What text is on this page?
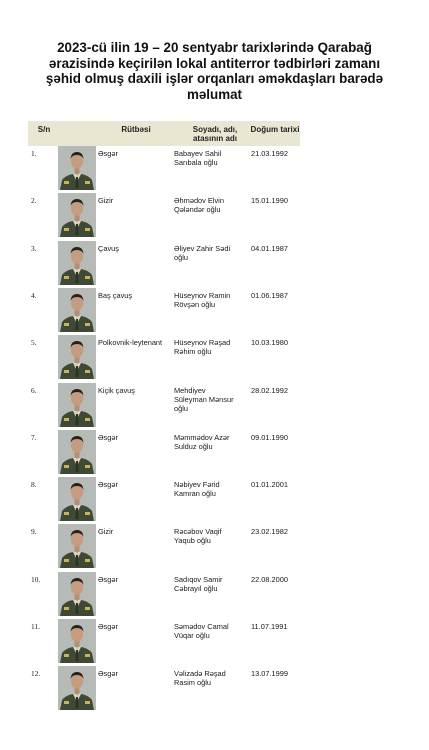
2023-cü ilin 19 – 20 sentyabr tarixlərində Qarabağ
ərazisində keçirilən lokal antiterror tədbirləri zamanı
şəhid olmuş daxili işlər orqanları əməkdaşları barədə
məlumat
S/n	Rütbəsi	Soyadı, adı, atasının adı
Doğum tarixi
1.	Əsgər	Babayev Sahil
Sarıbala oğlu
21.03.1992
2.	Gizir	Əhmədov Elvin
Qələndər oğlu
15.01.1990
3.	Çavuş	Əliyev Zahir Sədi
oğlu
04.01.1987
4.	Baş çavuş	Hüseynov Ramin
Rövşən oğlu
01.06.1987
5.	Polkovnik-leytenant Hüseynov Rəşad
Rəhim oğlu
10.03.1980
6.	Kiçik çavuş	Mehdiyev
Süleyman Mənsur
oğlu
28.02.1992
7.	Əsgər	Məmmədov Azər
Sulduz oğlu
09.01.1990
8.	Əsgər	Nəbiyev Fərid
Kamran oğlu
01.01.2001
9.	Gizir	Rəcəbov Vaqif
Yaqub oğlu
23.02.1982
10.	Əsgər	Sadıqov Samir
Cəbrayıl oğlu
22.08.2000
11.	Əsgər	Səmədov Camal
Vüqar oğlu
11.07.1991
12.	Əsgər	Vəlizadə Rəşad
Rasim oğlu
13.07.1999
